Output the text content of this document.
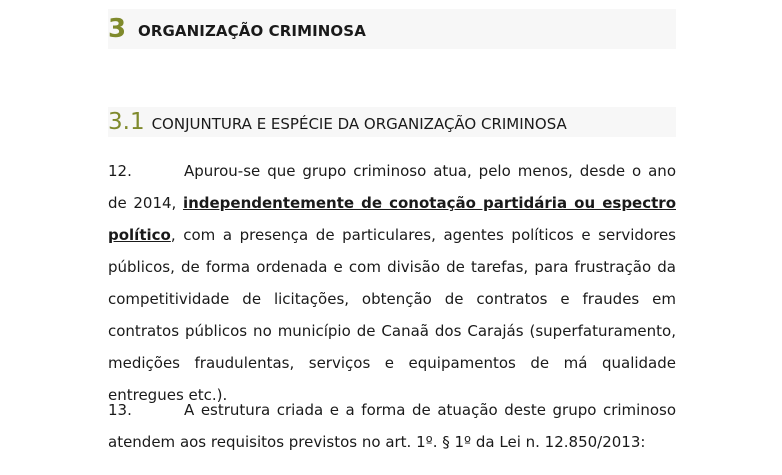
3 ORGANIZAÇÃO CRIMINOSA
3.1 CONJUNTURA E ESPÉCIE DA ORGANIZAÇÃO CRIMINOSA

12.	Apurou-se que grupo criminoso atua, pelo menos, desde o ano de 2014, independentemente de conotação partidária ou espectro político, com a presença de particulares, agentes políticos e servidores públicos, de forma ordenada e com divisão de tarefas, para frustração da competitividade de licitações, obtenção de contratos e fraudes em contratos públicos no município de Canaã dos Carajás (superfaturamento, medições fraudulentas, serviços e equipamentos de má qualidade entregues etc.).

13.	A estrutura criada e a forma de atuação deste grupo criminoso atendem aos requisitos previstos no art. 1º. § 1º da Lei n. 12.850/2013:
